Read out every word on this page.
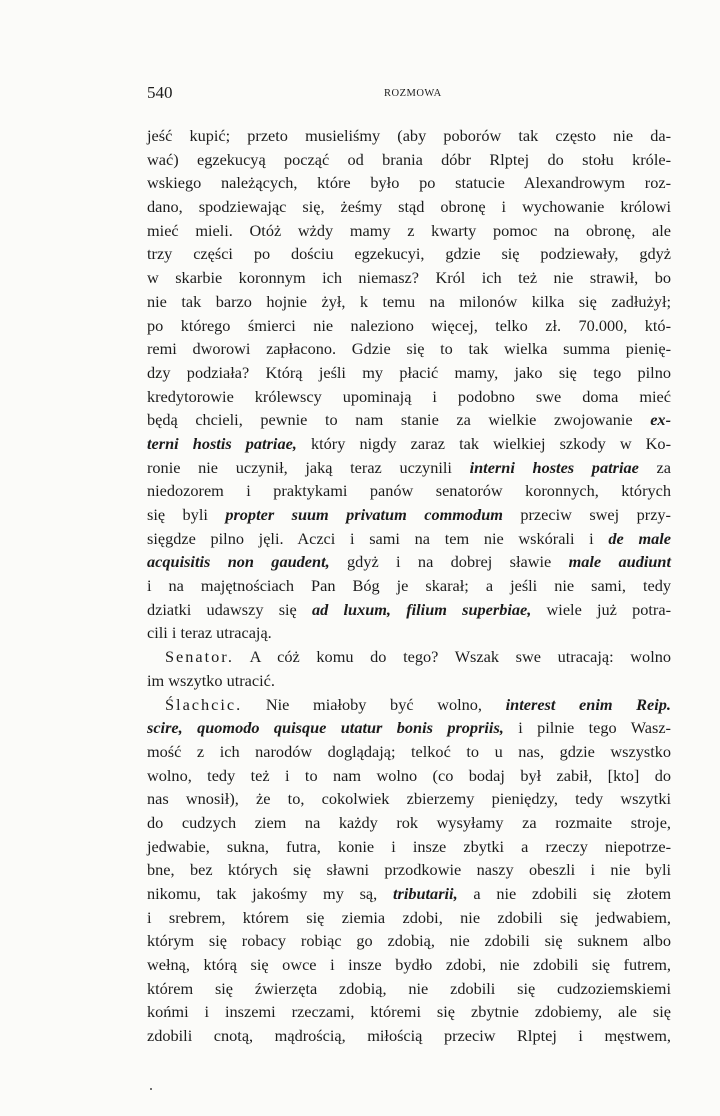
540	ROZMOWA
jeść kupić; przeto musieliśmy (aby poborów tak często nie da-
wać) egzekucyą począć od brania dóbr Rlptej do stołu króle-
wskiego należących, które było po statucie Alexandrowym roz-
dano, spodziewając się, żeśmy stąd obronę i wychowanie królowi
mieć mieli. Otóż wżdy mamy z kwarty pomoc na obronę, ale
trzy części po dościu egzekucyi, gdzie się podziewały, gdyż
w skarbie koronnym ich niemasz? Król ich też nie strawił, bo
nie tak barzo hojnie żył, k temu na milonów kilka się zadłużył;
po którego śmierci nie naleziono więcej, telko zł. 70.000, któ-
remi dworowi zapłacono. Gdzie się to tak wielka summa pienię-
dzy podziała? Którą jeśli my płacić mamy, jako się tego pilno
kredytorowie królewscy upominają i podobno swe doma mieć
będą chcieli, pewnie to nam stanie za wielkie zwojowanie ex-
terni hostis patriae, który nigdy zaraz tak wielkiej szkody w Ko-
ronie nie uczynił, jaką teraz uczynili interni hostes patriae za
niedozorem i praktykami panów senatorów koronnych, których
się byli propter suum privatum commodum przeciw swej przy-
sięgdze pilno jęli. Aczci i sami na tem nie wskórali i de male
acquisitis non gaudent, gdyż i na dobrej sławie male audiunt
i na majętnościach Pan Bóg je skarał; a jeśli nie sami, tedy
dziatki udawszy się ad luxum, filium superbiae, wiele już potra-
cili i teraz utracają.
Senator. A cóż komu do tego? Wszak swe utracają: wolno
im wszytko utracić.
Ślachcic. Nie miałoby być wolno, interest enim Reip.
scire, quomodo quisque utatur bonis propriis, i pilnie tego Wasz-
mość z ich narodów doglądają; telkoć to u nas, gdzie wszystko
wolno, tedy też i to nam wolno (co bodaj był zabił, [kto] do
nas wnosił), że to, cokolwiek zbierzemy pieniędzy, tedy wszytki
do cudzych ziem na każdy rok wysyłamy za rozmaite stroje,
jedwabie, sukna, futra, konie i insze zbytki a rzeczy niepotrze-
bne, bez których się sławni przodkowie naszy obeszli i nie byli
nikomu, tak jakośmy my są, tributarii, a nie zdobili się złotem
i srebrem, którem się ziemia zdobi, nie zdobili się jedwabiem,
którym się robacy robiąc go zdobią, nie zdobili się suknem albo
wełną, którą się owce i insze bydło zdobi, nie zdobili się futrem,
którem się źwierzęta zdobią, nie zdobili się cudzoziemskiemi
końmi i inszemi rzeczami, któremi się zbytnie zdobiemy, ale się
zdobili cnotą, mądrością, miłością przeciw Rlptej i męstwem,
